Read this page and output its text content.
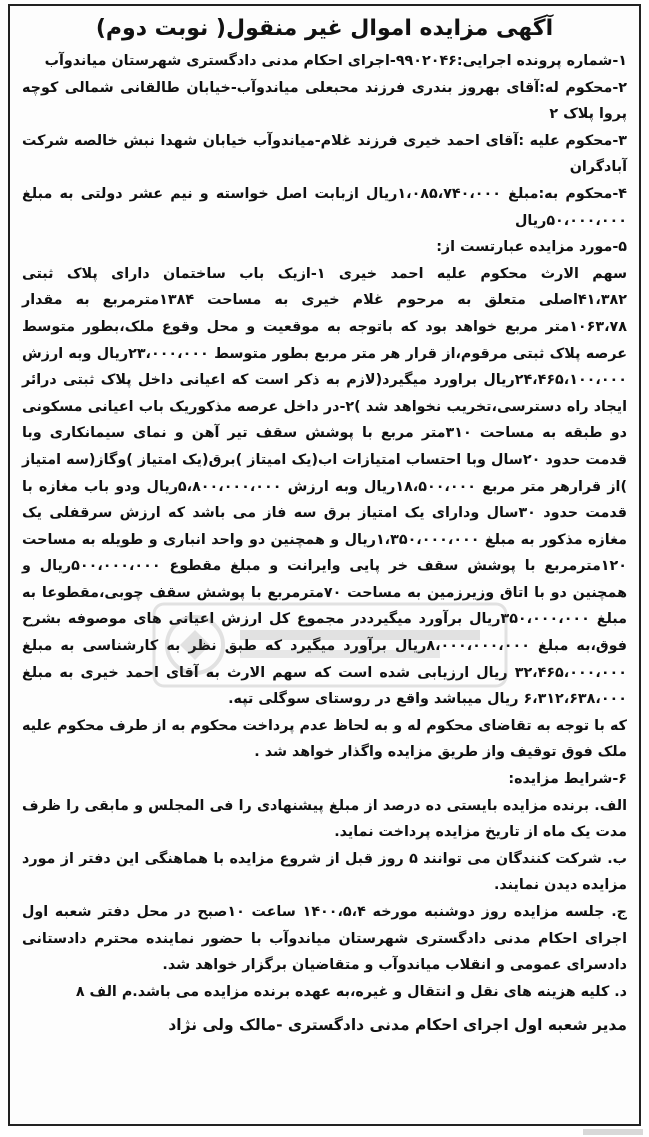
آگهی مزایده اموال غیر منقول( نوبت دوم)

۱-شماره پرونده اجرایی:۹۹۰۲۰۴۶-اجرای احکام مدنی دادگستری شهرستان میاندوآب

۲-محکوم له:آقای بهروز بندری فرزند محبعلی میاندوآب-خیابان طالقانی شمالی کوچه پروا پلاک ۲

۳-محکوم علیه :آقای احمد خیری فرزند غلام-میاندوآب خیابان شهدا نبش خالصه شرکت آبادگران

۴-محکوم به:مبلغ ۱،۰۸۵،۷۴۰،۰۰۰ریال ازبابت اصل خواسته و نیم عشر دولتی به مبلغ ۵۰،۰۰۰،۰۰۰ریال

۵-مورد مزایده عبارتست از:

سهم الارث محکوم علیه احمد خیری ۱-ازیک باب ساختمان دارای پلاک ثبتی ۴۱،۳۸۲اصلی متعلق به مرحوم غلام خیری به مساحت ۱۳۸۴مترمربع به مقدار ۱۰۶۳،۷۸متر مربع خواهد بود که باتوجه به موقعیت و محل وقوع ملک،بطور متوسط عرصه پلاک ثبتی مرقوم،از قرار هر متر مربع بطور متوسط ۲۳،۰۰۰،۰۰۰ریال وبه ارزش ۲۴،۴۶۵،۱۰۰،۰۰۰ریال براورد میگیرد(لازم به ذکر است که اعیانی داخل پلاک ثبتی درائر ایجاد راه دسترسی،تخریب نخواهد شد )۲-در داخل عرصه مذکوریک باب اعیانی مسکونی دو طبقه به مساحت ۳۱۰متر مربع با پوشش سقف تیر آهن و نمای سیمانکاری وبا قدمت حدود ۲۰سال وبا احتساب امتیازات اب(یک امیتاز )برق(یک امتیاز )وگاز(سه امتیاز )از قرارهر متر مربع ۱۸،۵۰۰،۰۰۰ریال وبه ارزش ۵،۸۰۰،۰۰۰،۰۰۰ریال ودو باب مغازه با قدمت حدود ۳۰سال ودارای یک امتیاز برق سه فاز می باشد که ارزش سرقفلی یک مغازه مذکور به مبلغ ۱،۳۵۰،۰۰۰،۰۰۰ریال و همچنین دو واحد انباری و طویله به مساحت ۱۲۰مترمربع با پوشش سقف خر پایی وایرانت و مبلغ مقطوع ۵۰۰،۰۰۰،۰۰۰ریال و همچنین دو با اتاق وزیرزمین به مساحت ۷۰مترمربع با پوشش سقف چوبی،مقطوعا به مبلغ ۳۵۰،۰۰۰،۰۰۰ریال برآورد میگیرددر مجموع کل ارزش اعیانی های موصوفه بشرح فوق،به مبلغ ۸،۰۰۰،۰۰۰،۰۰۰ریال برآورد میگیرد که طبق نظر به کارشناسی به مبلغ ۳۲،۴۶۵،۰۰۰،۰۰۰ ریال ارزیابی شده است که سهم الارث به آقای احمد خیری به مبلغ ۶،۳۱۲،۶۳۸،۰۰۰ ریال میباشد واقع در روستای سوگلی تپه.

که با توجه به تقاضای محکوم له و به لحاظ عدم پرداخت محکوم به از طرف محکوم علیه ملک فوق توقیف واز طریق مزایده واگذار خواهد شد .

۶-شرایط مزایده:

الف. برنده مزایده بایستی ده درصد از مبلغ پیشنهادی را فی المجلس و مابقی را ظرف مدت یک ماه از تاریخ مزایده پرداخت نماید.

ب. شرکت کنندگان می توانند ۵ روز قبل از شروع مزایده با هماهنگی این دفتر از مورد مزایده دیدن نمایند.

ج. جلسه مزایده روز دوشنبه مورخه ۱۴۰۰،۵،۴ ساعت ۱۰صبح در محل دفتر شعبه اول اجرای احکام مدنی دادگستری شهرستان میاندوآب با حضور نماینده محترم دادستانی دادسرای عمومی و انقلاب میاندوآب و متقاضیان برگزار خواهد شد.

د. کلیه هزینه های نقل و انتقال و غیره،به عهده برنده مزایده می باشد.م الف ۸

مدیر شعبه اول اجرای احکام مدنی دادگستری -مالک ولی نژاد
